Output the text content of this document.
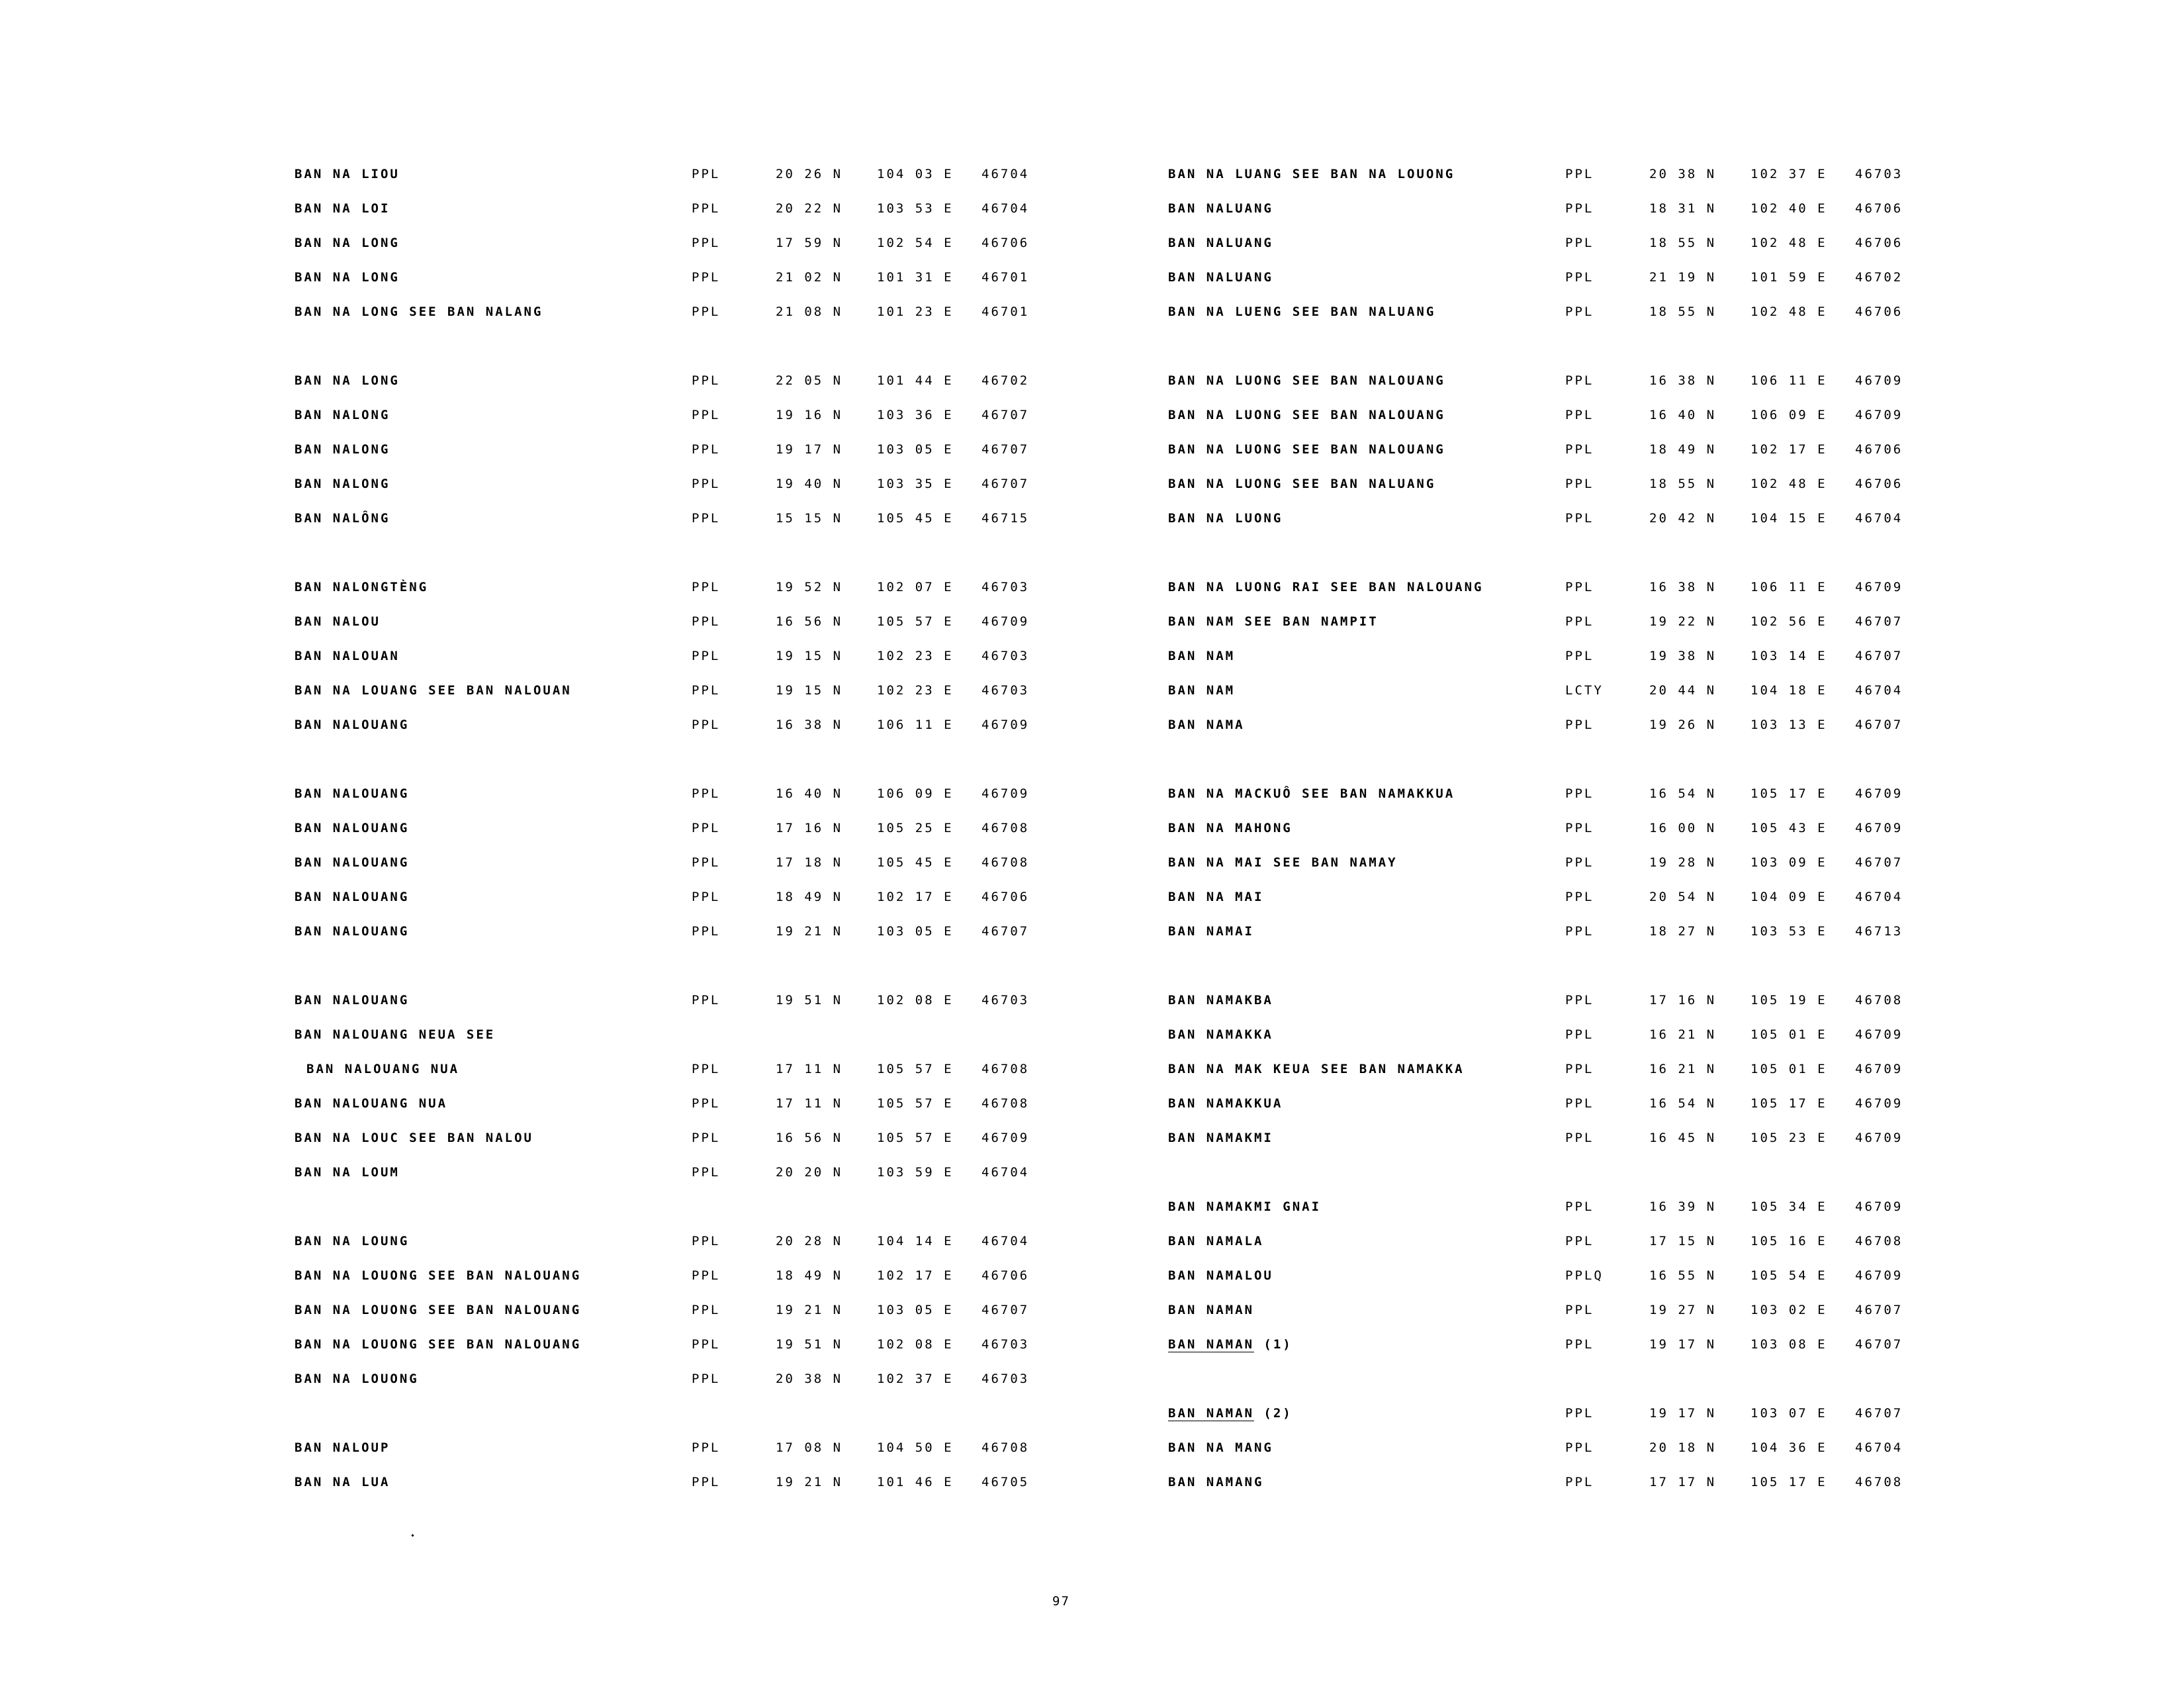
BAN NA LIOU	PPL	20 26 N	104 03 E 46704
BAN NA LOI	PPL	20 22 N	103 53 E 46704
BAN NA LONG	PPL	17 59 N	102 54 E 46706
BAN NA LONG	PPL	21 02 N	101 31 E 46701
BAN NA LONG SEE BAN NALANG	PPL	21 08 N	101 23 E 46701
BAN NA LONG	PPL	22 05 N	101 44 E 46702
BAN NALONG	PPL	19 16 N	103 36 E 46707
BAN NALONG	PPL	19 17 N	103 05 E 46707
BAN NALONG	PPL	19 40 N	103 35 E 46707
BAN NALÔNG	PPL	15 15 N	105 45 E 46715
BAN NALONGTÈNG	PPL	19 52 N	102 07 E 46703
BAN NALOU	PPL	16 56 N	105 57 E 46709
BAN NALOUAN	PPL	19 15 N	102 23 E 46703
BAN NA LOUANG SEE BAN NALOUAN	PPL	19 15 N	102 23 E 46703
BAN NALOUANG	PPL	16 38 N	106 11 E 46709
BAN NALOUANG	PPL	16 40 N	106 09 E 46709
BAN NALOUANG	PPL	17 16 N	105 25 E 46708
BAN NALOUANG	PPL	17 18 N	105 45 E 46708
BAN NALOUANG	PPL	18 49 N	102 17 E 46706
BAN NALOUANG	PPL	19 21 N	103 05 E 46707
BAN NALOUANG	PPL	19 51 N	102 08 E 46703
BAN NALOUANG NEUA SEE
BAN NALOUANG NUA	PPL	17 11 N	105 57 E 46708
BAN NALOUANG NUA	PPL	17 11 N	105 57 E 46708
BAN NA LOUC SEE BAN NALOU	PPL	16 56 N	105 57 E 46709
BAN NA LOUM	PPL	20 20 N	103 59 E 46704
BAN NA LOUNG	PPL	20 28 N	104 14 E 46704
BAN NA LOUONG SEE BAN NALOUANG	PPL	18 49 N	102 17 E 46706
BAN NA LOUONG SEE BAN NALOUANG	PPL	19 21 N	103 05 E 46707
BAN NA LOUONG SEE BAN NALOUANG	PPL	19 51 N	102 08 E 46703
BAN NA LOUONG	PPL	20 38 N	102 37 E 46703
BAN NALOUP	PPL	17 08 N	104 50 E 46708
BAN NA LUA	PPL	19 21 N	101 46 E 46705
BAN NA LUANG SEE BAN NA LOUONG	PPL	20 38 N	102 37 E 46703
BAN NALUANG	PPL	18 31 N	102 40 E 46706
BAN NALUANG	PPL	18 55 N	102 48 E 46706
BAN NALUANG	PPL	21 19 N	101 59 E 46702
BAN NA LUENG SEE BAN NALUANG	PPL	18 55 N	102 48 E 46706
BAN NA LUONG SEE BAN NALOUANG	PPL	16 38 N	106 11 E 46709
BAN NA LUONG SEE BAN NALOUANG	PPL	16 40 N	106 09 E 46709
BAN NA LUONG SEE BAN NALOUANG	PPL	18 49 N	102 17 E 46706
BAN NA LUONG SEE BAN NALUANG	PPL	18 55 N	102 48 E 46706
BAN NA LUONG	PPL	20 42 N	104 15 E 46704
BAN NA LUONG RAI SEE BAN NALOUANG	PPL	16 38 N	106 11 E 46709
BAN NAM SEE BAN NAMPIT	PPL	19 22 N	102 56 E 46707
BAN NAM	PPL	19 38 N	103 14 E 46707
BAN NAM	LCTY	20 44 N	104 18 E 46704
BAN NAMA	PPL	19 26 N	103 13 E 46707
BAN NA MACKUÔ SEE BAN NAMAKKUA	PPL	16 54 N	105 17 E 46709
BAN NA MAHONG	PPL	16 00 N	105 43 E 46709
BAN NA MAI SEE BAN NAMAY	PPL	19 28 N	103 09 E 46707
BAN NA MAI	PPL	20 54 N	104 09 E 46704
BAN NAMAI	PPL	18 27 N	103 53 E 46713
BAN NAMAKBA	PPL	17 16 N	105 19 E 46708
BAN NAMAKKA	PPL	16 21 N	105 01 E 46709
BAN NA MAK KEUA SEE BAN NAMAKKA	PPL	16 21 N	105 01 E 46709
BAN NAMAKKUA	PPL	16 54 N	105 17 E 46709
BAN NAMAKMI	PPL	16 45 N	105 23 E 46709
BAN NAMAKMI GNAI	PPL	16 39 N	105 34 E 46709
BAN NAMALA	PPL	17 15 N	105 16 E 46708
BAN NAMALOU	PPLQ	16 55 N	105 54 E 46709
BAN NAMAN	PPL	19 27 N	103 02 E 46707
BAN NAMAN (1)	PPL	19 17 N	103 08 E 46707
BAN NAMAN (2)	PPL	19 17 N	103 07 E 46707
BAN NA MANG	PPL	20 18 N	104 36 E 46704
BAN NAMANG	PPL	17 17 N	105 17 E 46708
97
